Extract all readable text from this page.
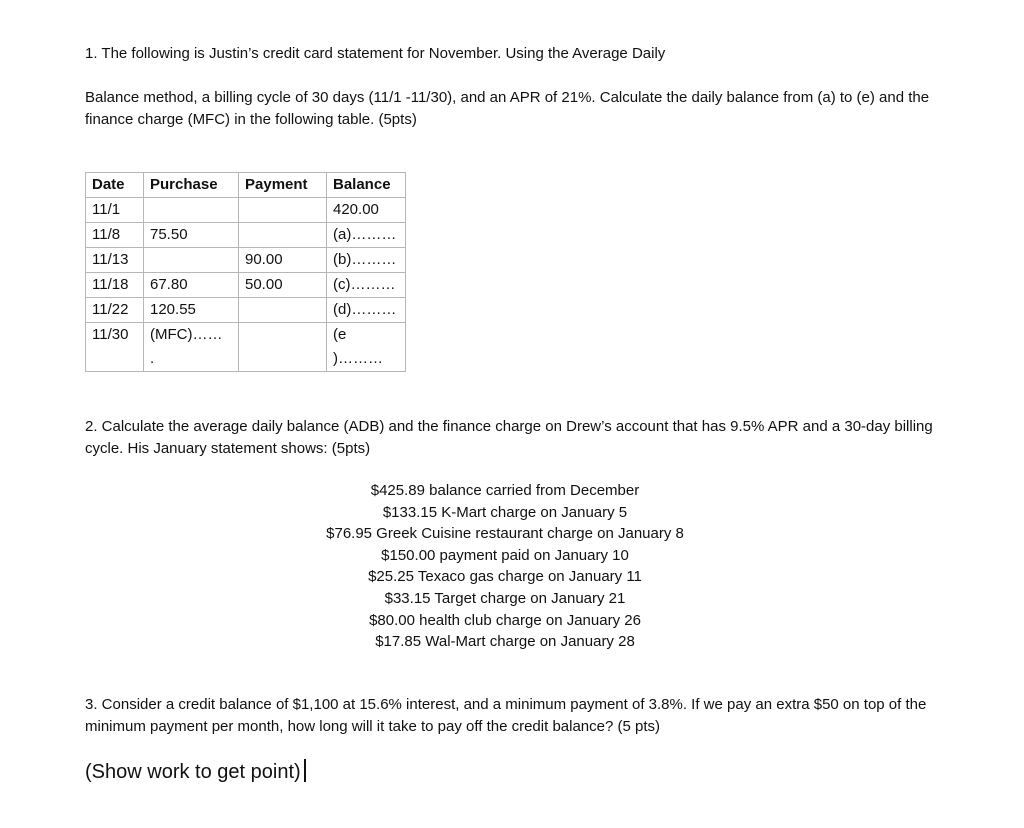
1. The following is Justin’s credit card statement for November. Using the Average Daily

Balance method, a billing cycle of 30 days (11/1 -11/30), and an APR of 21%. Calculate the daily balance from (a) to (e) and the finance charge (MFC) in the following table. (5pts)

Date	Purchase	Payment	Balance
11/1			420.00
11/8	75.50		(a)………
11/13		90.00	(b)………
11/18	67.80	50.00	(c)………
11/22	120.55		(d)………
11/30	(MFC)……		(e
	.		)………

2. Calculate the average daily balance (ADB) and the finance charge on Drew’s account that has 9.5% APR and a 30-day billing cycle. His January statement shows: (5pts)

$425.89 balance carried from December
$133.15 K-Mart charge on January 5
$76.95 Greek Cuisine restaurant charge on January 8
$150.00 payment paid on January 10
$25.25 Texaco gas charge on January 11
$33.15 Target charge on January 21
$80.00 health club charge on January 26
$17.85 Wal-Mart charge on January 28

3. Consider a credit balance of $1,100 at 15.6% interest, and a minimum payment of 3.8%. If we pay an extra $50 on top of the minimum payment per month, how long will it take to pay off the credit balance? (5 pts)

(Show work to get point)
